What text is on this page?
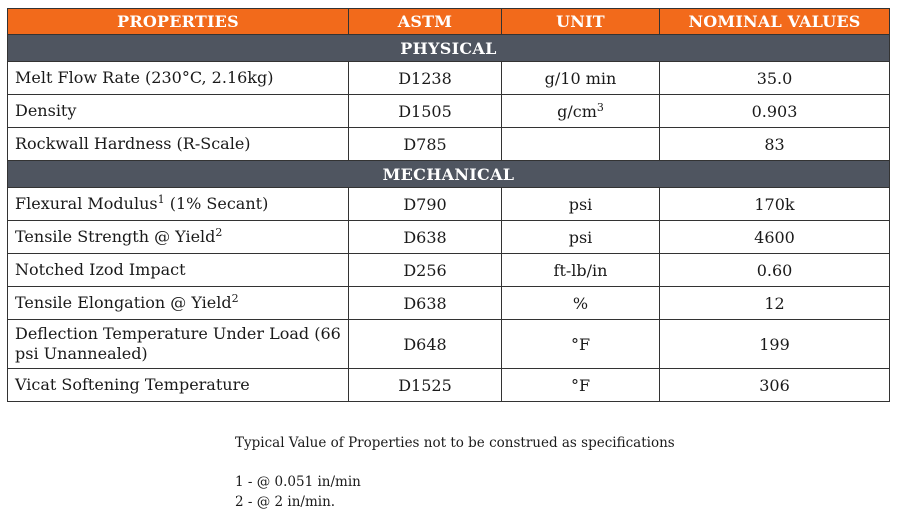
PROPERTIES	ASTM	UNIT	NOMINAL VALUES
PHYSICAL			
Melt Flow Rate (230°C, 2.16kg)	D1238	g/10 min	35.0
Density	D1505	$g/cm^3$	0.903
Rockwall Hardness (R-Scale)	D785		83
MECHANICAL			
Flexural Modulus$^1$ (1% Secant)	D790	psi	170k
Tensile Strength @ Yield$^2$	D638	psi	4600
Notched Izod Impact	D256	ft-lb/in	0.60
Tensile Elongation @ Yield$^2$	D638	%	12
Deflection Temperature Under Load (66 psi Unannealed)	D648	°F	199
Vicat Softening Temperature	D1525	°F	306
Typical Value of Properties not to be construed as specifications
1 - @ 0.051 in/min
2 - @ 2 in/min.
